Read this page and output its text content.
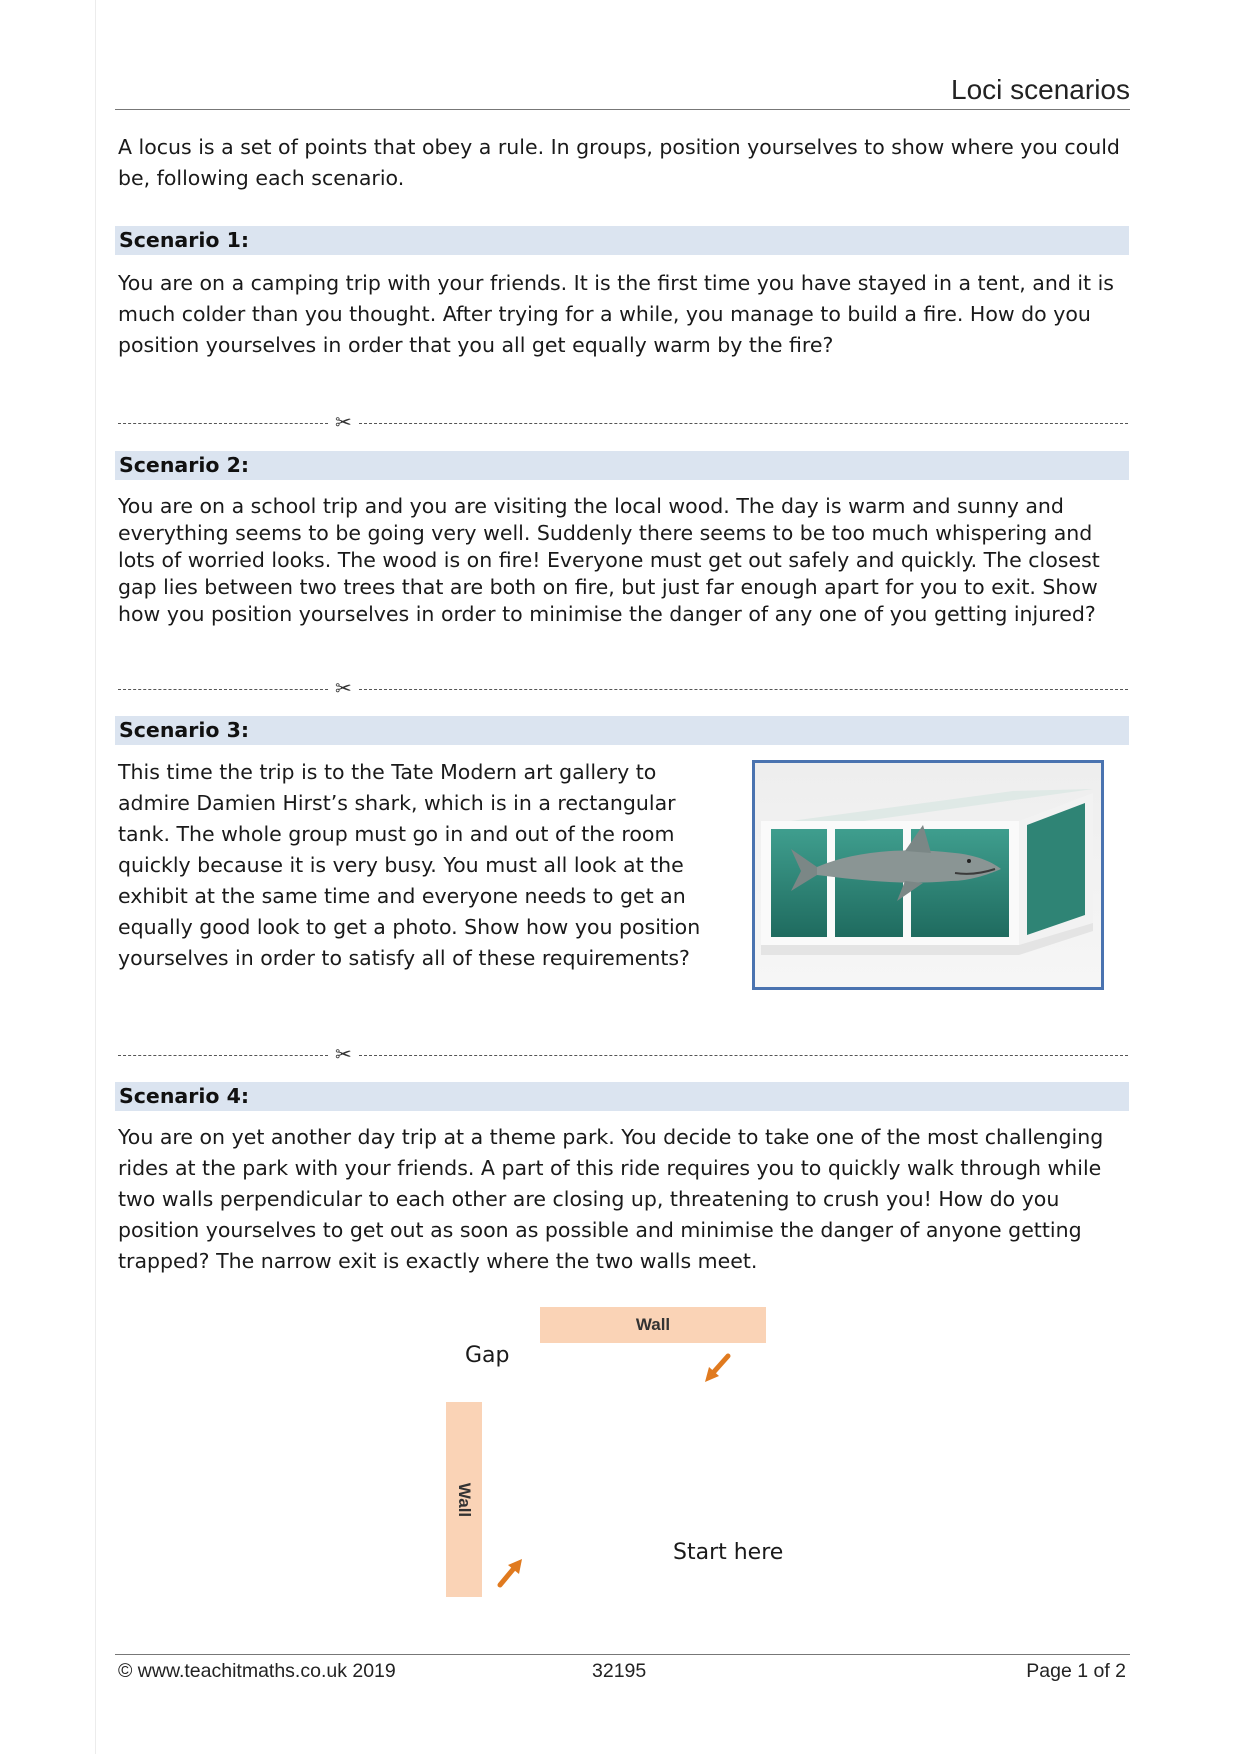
Loci scenarios
A locus is a set of points that obey a rule. In groups, position yourselves to show where you could be, following each scenario.
Scenario 1:
You are on a camping trip with your friends. It is the first time you have stayed in a tent, and it is much colder than you thought. After trying for a while, you manage to build a fire. How do you position yourselves in order that you all get equally warm by the fire?
✂
Scenario 2:
You are on a school trip and you are visiting the local wood. The day is warm and sunny and everything seems to be going very well. Suddenly there seems to be too much whispering and lots of worried looks. The wood is on fire! Everyone must get out safely and quickly. The closest gap lies between two trees that are both on fire, but just far enough apart for you to exit. Show how you position yourselves in order to minimise the danger of any one of you getting injured?
✂
Scenario 3:
This time the trip is to the Tate Modern art gallery to admire Damien Hirst’s shark, which is in a rectangular tank. The whole group must go in and out of the room quickly because it is very busy. You must all look at the exhibit at the same time and everyone needs to get an equally good look to get a photo. Show how you position yourselves in order to satisfy all of these requirements?
✂
Scenario 4:
You are on yet another day trip at a theme park. You decide to take one of the most challenging rides at the park with your friends. A part of this ride requires you to quickly walk through while two walls perpendicular to each other are closing up, threatening to crush you! How do you position yourselves to get out as soon as possible and minimise the danger of anyone getting trapped? The narrow exit is exactly where the two walls meet.
Wall
Wall
Gap
Start here
© www.teachitmaths.co.uk 2019	32195	Page 1 of 2
